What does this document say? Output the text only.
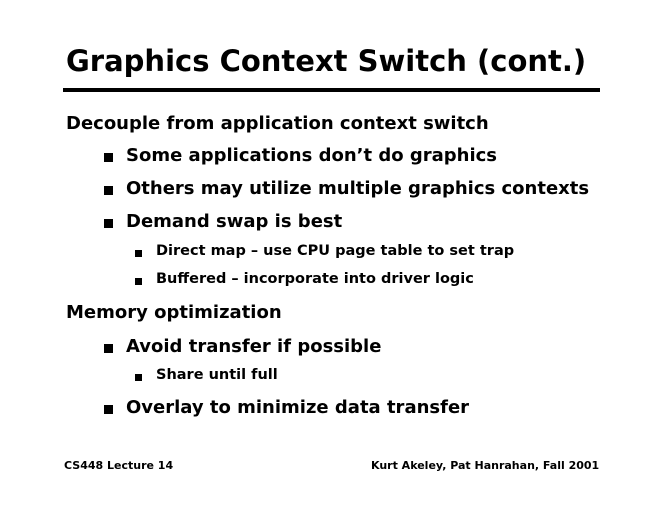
Graphics Context Switch (cont.)
Decouple from application context switch
Some applications don’t do graphics
Others may utilize multiple graphics contexts
Demand swap is best
Direct map – use CPU page table to set trap
Buffered – incorporate into driver logic
Memory optimization
Avoid transfer if possible
Share until full
Overlay to minimize data transfer
CS448 Lecture 14	Kurt Akeley, Pat Hanrahan, Fall 2001
